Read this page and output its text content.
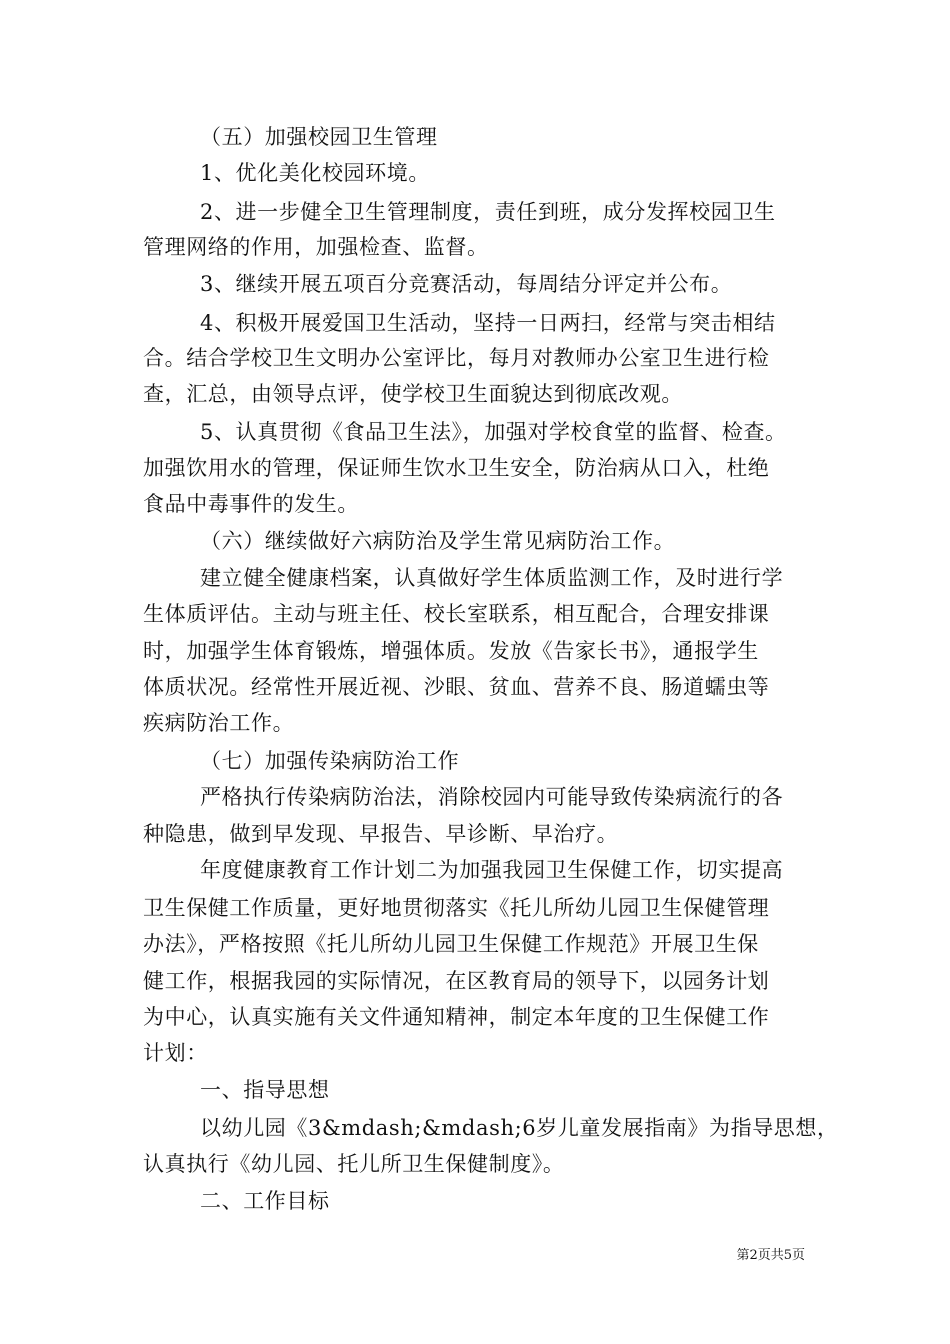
（五）加强校园卫生管理
1、优化美化校园环境。
2、进一步健全卫生管理制度，责任到班，成分发挥校园卫生
管理网络的作用，加强检查、监督。
3、继续开展五项百分竞赛活动，每周结分评定并公布。
4、积极开展爱国卫生活动，坚持一日两扫，经常与突击相结
合。结合学校卫生文明办公室评比，每月对教师办公室卫生进行检
查，汇总，由领导点评，使学校卫生面貌达到彻底改观。
5、认真贯彻《食品卫生法》，加强对学校食堂的监督、检查。
加强饮用水的管理，保证师生饮水卫生安全，防治病从口入，杜绝
食品中毒事件的发生。
（六）继续做好六病防治及学生常见病防治工作。
建立健全健康档案，认真做好学生体质监测工作，及时进行学
生体质评估。主动与班主任、校长室联系，相互配合，合理安排课
时，加强学生体育锻炼，增强体质。发放《告家长书》，通报学生
体质状况。经常性开展近视、沙眼、贫血、营养不良、肠道蠕虫等
疾病防治工作。
（七）加强传染病防治工作
严格执行传染病防治法，消除校园内可能导致传染病流行的各
种隐患，做到早发现、早报告、早诊断、早治疗。
年度健康教育工作计划二为加强我园卫生保健工作，切实提高
卫生保健工作质量，更好地贯彻落实《托儿所幼儿园卫生保健管理
办法》，严格按照《托儿所幼儿园卫生保健工作规范》开展卫生保
健工作，根据我园的实际情况，在区教育局的领导下，以园务计划
为中心，认真实施有关文件通知精神，制定本年度的卫生保健工作
计划：
一、指导思想
以幼儿园《3&mdash;&mdash;6岁儿童发展指南》为指导思想，
认真执行《幼儿园、托儿所卫生保健制度》。
二、工作目标
第2页共5页
